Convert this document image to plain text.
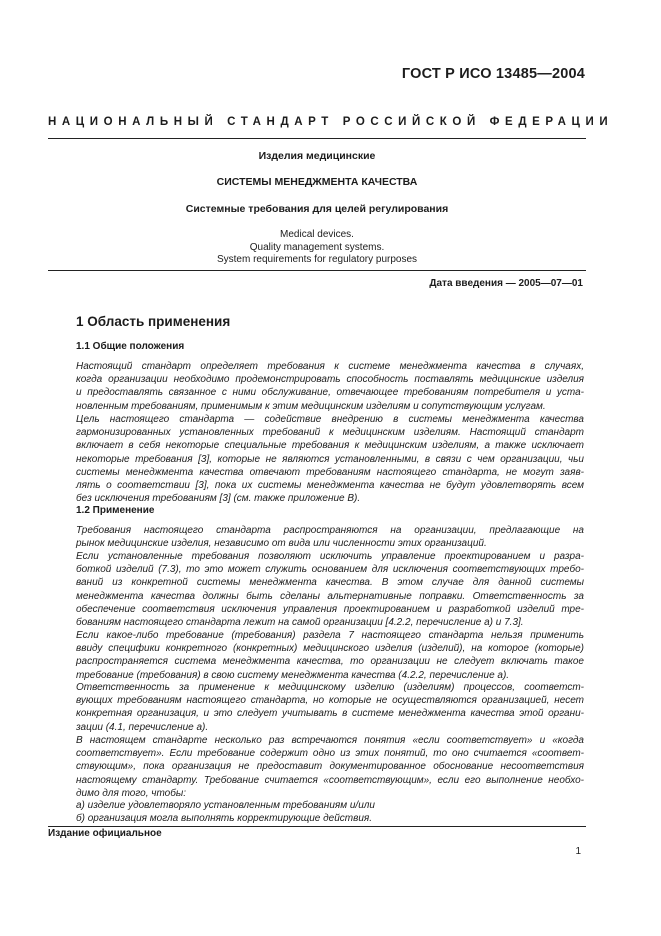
ГОСТ Р ИСО 13485—2004
НАЦИОНАЛЬНЫЙ СТАНДАРТ РОССИЙСКОЙ ФЕДЕРАЦИИ
Изделия медицинские
СИСТЕМЫ МЕНЕДЖМЕНТА КАЧЕСТВА
Системные требования для целей регулирования
Medical devices.
Quality management systems.
System requirements for regulatory purposes
Дата введения — 2005—07—01
1 Область применения
1.1 Общие положения
Настоящий стандарт определяет требования к системе менеджмента качества в случаях,
когда организации необходимо продемонстрировать способность поставлять медицинские изделия
и предоставлять связанное с ними обслуживание, отвечающее требованиям потребителя и уста-
новленным требованиям, применимым к этим медицинским изделиям и сопутствующим услугам.
Цель настоящего стандарта — содействие внедрению в системы менеджмента качества
гармонизированных установленных требований к медицинским изделиям. Настоящий стандарт
включает в себя некоторые специальные требования к медицинским изделиям, а также исключает
некоторые требования [3], которые не являются установленными, в связи с чем организации, чьи
системы менеджмента качества отвечают требованиям настоящего стандарта, не могут заяв-
лять о соответствии [3], пока их системы менеджмента качества не будут удовлетворять всем
без исключения требованиям [3] (см. также приложение В).
1.2 Применение
Требования настоящего стандарта распространяются на организации, предлагающие на
рынок медицинские изделия, независимо от вида или численности этих организаций.
Если установленные требования позволяют исключить управление проектированием и разра-
боткой изделий (7.3), то это может служить основанием для исключения соответствующих требо-
ваний из конкретной системы менеджмента качества. В этом случае для данной системы
менеджмента качества должны быть сделаны альтернативные поправки. Ответственность за
обеспечение соответствия исключения управления проектированием и разработкой изделий тре-
бованиям настоящего стандарта лежит на самой организации [4.2.2, перечисление а) и 7.3].
Если какое-либо требование (требования) раздела 7 настоящего стандарта нельзя применить
ввиду специфики конкретного (конкретных) медицинского изделия (изделий), на которое (которые)
распространяется система менеджмента качества, то организации не следует включать такое
требование (требования) в свою систему менеджмента качества (4.2.2, перечисление а).
Ответственность за применение к медицинскому изделию (изделиям) процессов, соответст-
вующих требованиям настоящего стандарта, но которые не осуществляются организацией, несет
конкретная организация, и это следует учитывать в системе менеджмента качества этой органи-
зации (4.1, перечисление а).
В настоящем стандарте несколько раз встречаются понятия «если соответствует» и «когда
соответствует». Если требование содержит одно из этих понятий, то оно считается «соответ-
ствующим», пока организация не предоставит документированное обоснование несоответствия
настоящему стандарту. Требование считается «соответствующим», если его выполнение необхо-
димо для того, чтобы:
а) изделие удовлетворяло установленным требованиям и/или
б) организация могла выполнять корректирующие действия.
Издание официальное
1
